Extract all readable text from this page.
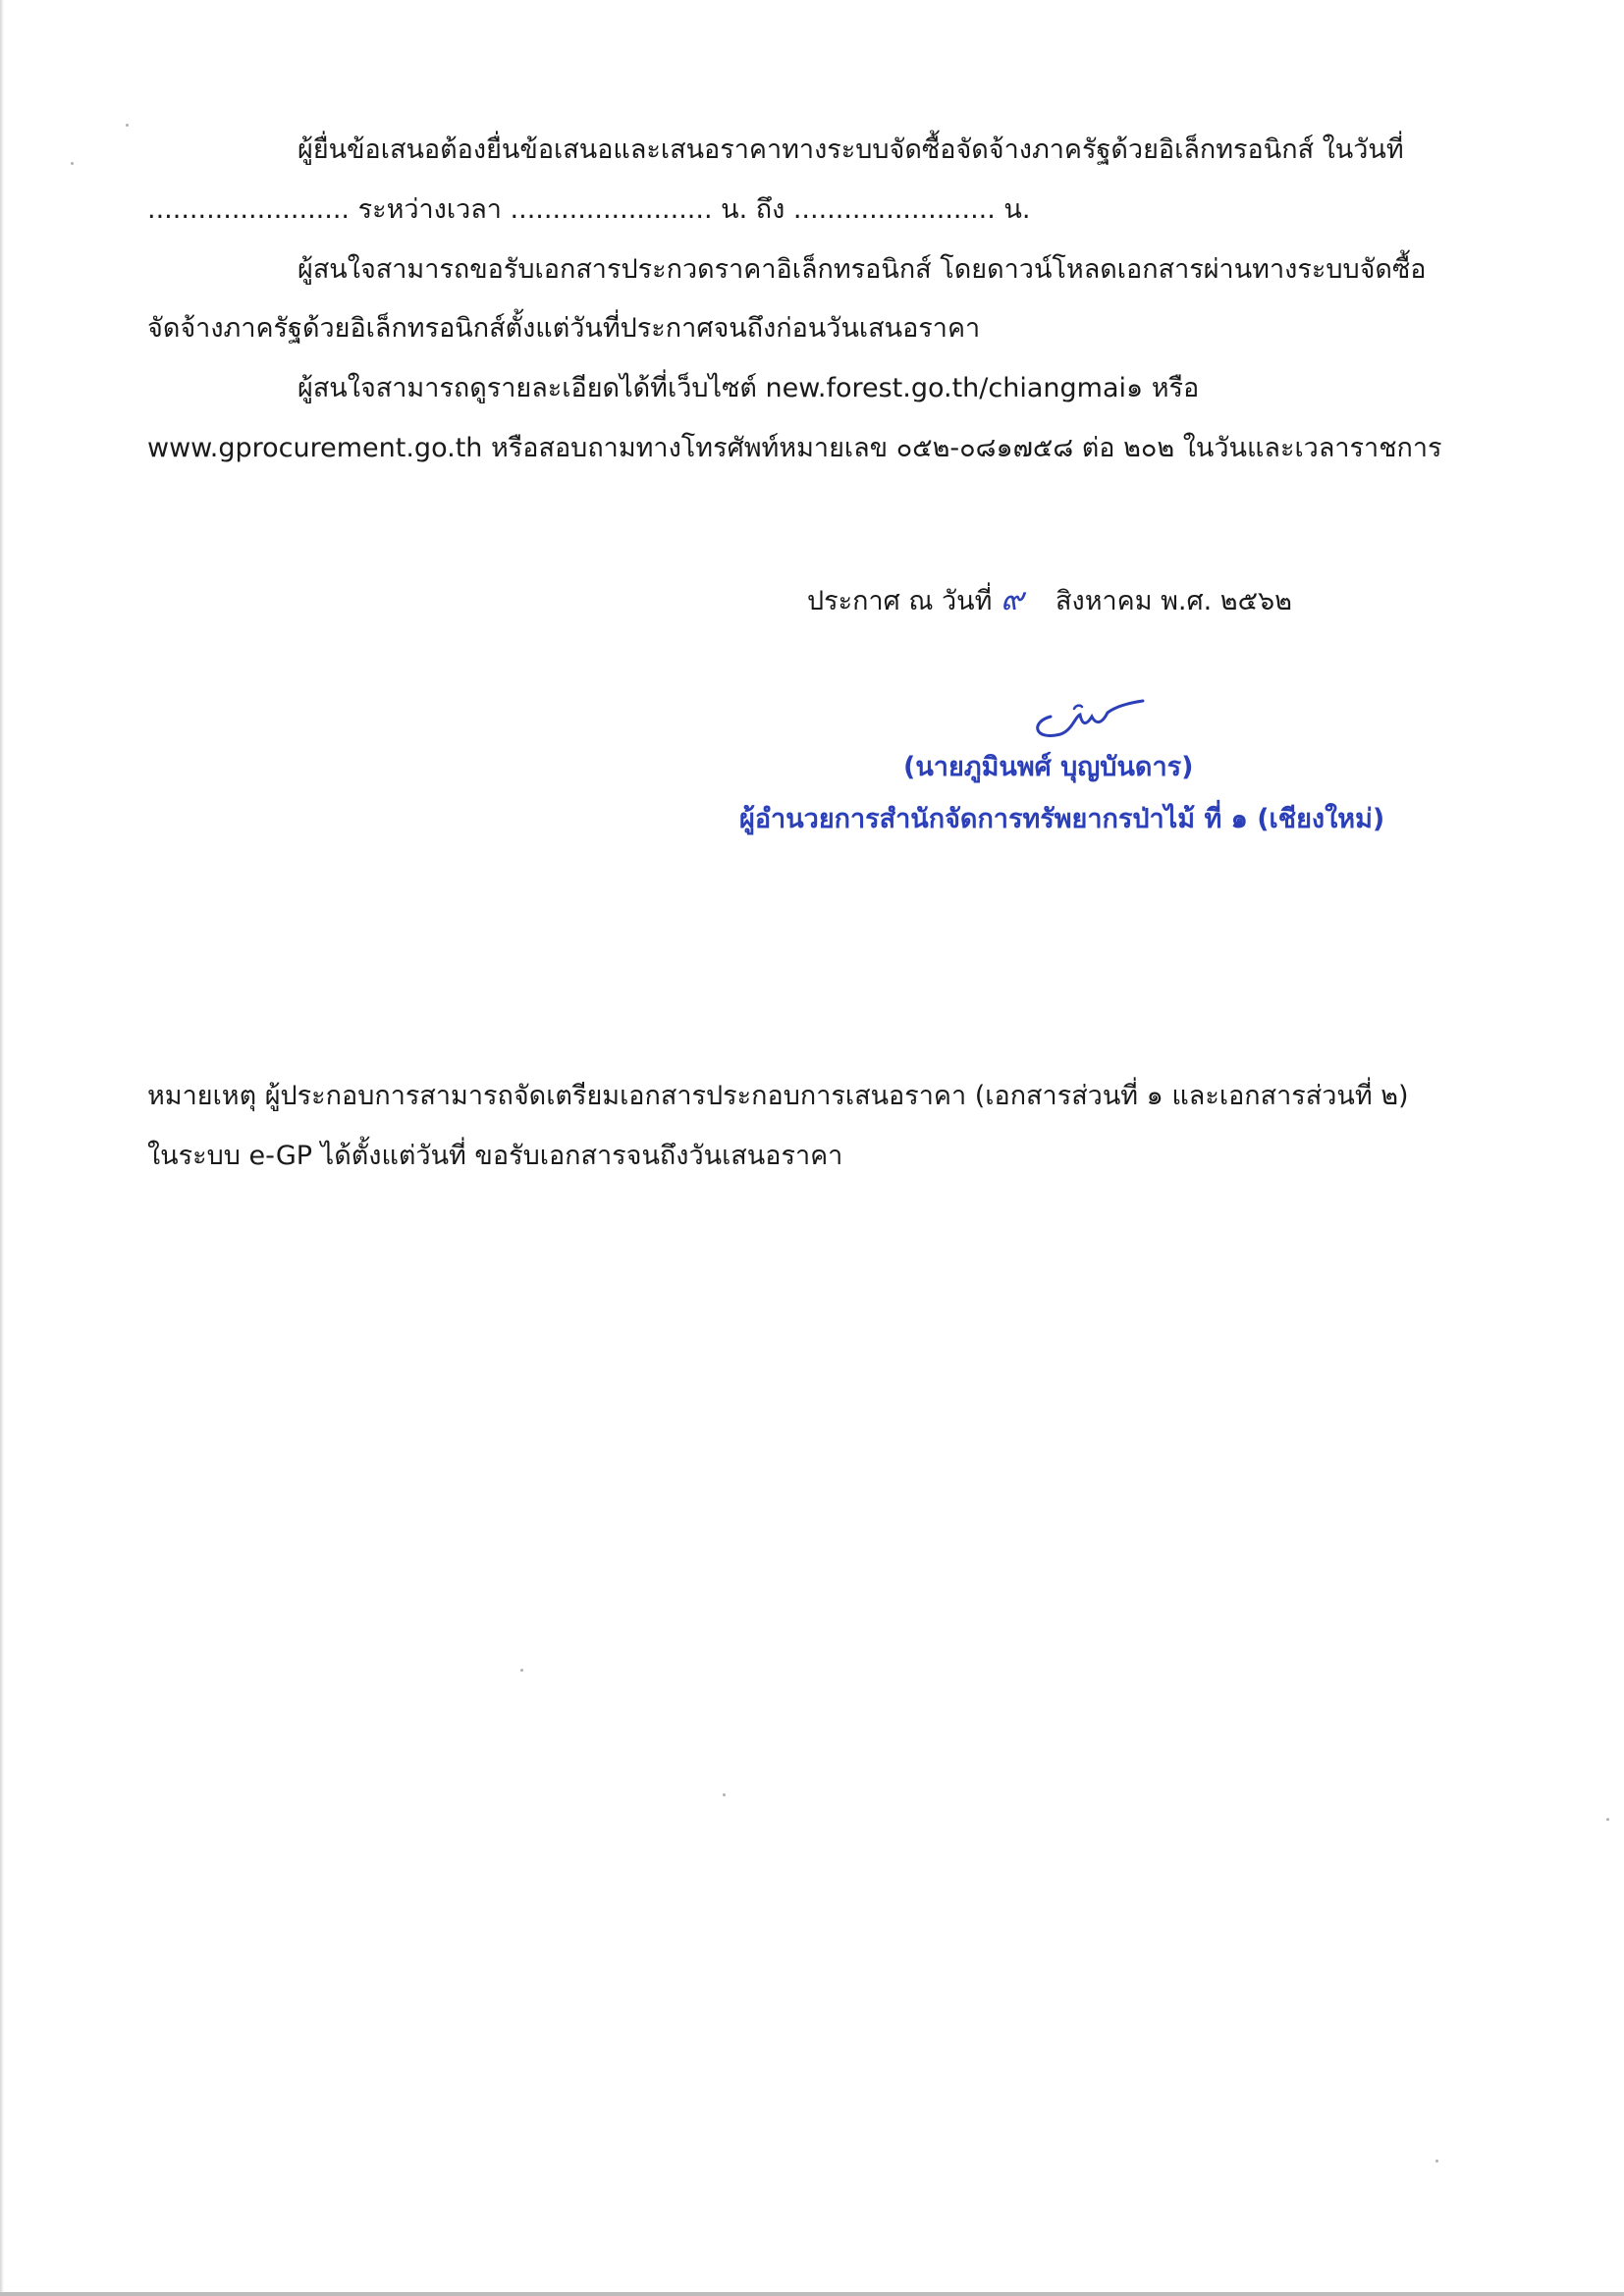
ผู้ยื่นข้อเสนอต้องยื่นข้อเสนอและเสนอราคาทางระบบจัดซื้อจัดจ้างภาครัฐด้วยอิเล็กทรอนิกส์ ในวันที่
........................ ระหว่างเวลา ........................ น. ถึง ........................ น.
ผู้สนใจสามารถขอรับเอกสารประกวดราคาอิเล็กทรอนิกส์ โดยดาวน์โหลดเอกสารผ่านทางระบบจัดซื้อ
จัดจ้างภาครัฐด้วยอิเล็กทรอนิกส์ตั้งแต่วันที่ประกาศจนถึงก่อนวันเสนอราคา
ผู้สนใจสามารถดูรายละเอียดได้ที่เว็บไซต์ new.forest.go.th/chiangmai๑ หรือ
www.gprocurement.go.th หรือสอบถามทางโทรศัพท์หมายเลข ๐๕๒-๐๘๑๗๕๘ ต่อ ๒๐๒ ในวันและเวลาราชการ
ประกาศ ณ วันที่ ๙ สิงหาคม พ.ศ. ๒๕๖๒
(นายภูมินพศ์ บุญบันดาร)
ผู้อำนวยการสำนักจัดการทรัพยากรป่าไม้ ที่ ๑ (เชียงใหม่)
หมายเหตุ ผู้ประกอบการสามารถจัดเตรียมเอกสารประกอบการเสนอราคา (เอกสารส่วนที่ ๑ และเอกสารส่วนที่ ๒)
ในระบบ e-GP ได้ตั้งแต่วันที่ ขอรับเอกสารจนถึงวันเสนอราคา
